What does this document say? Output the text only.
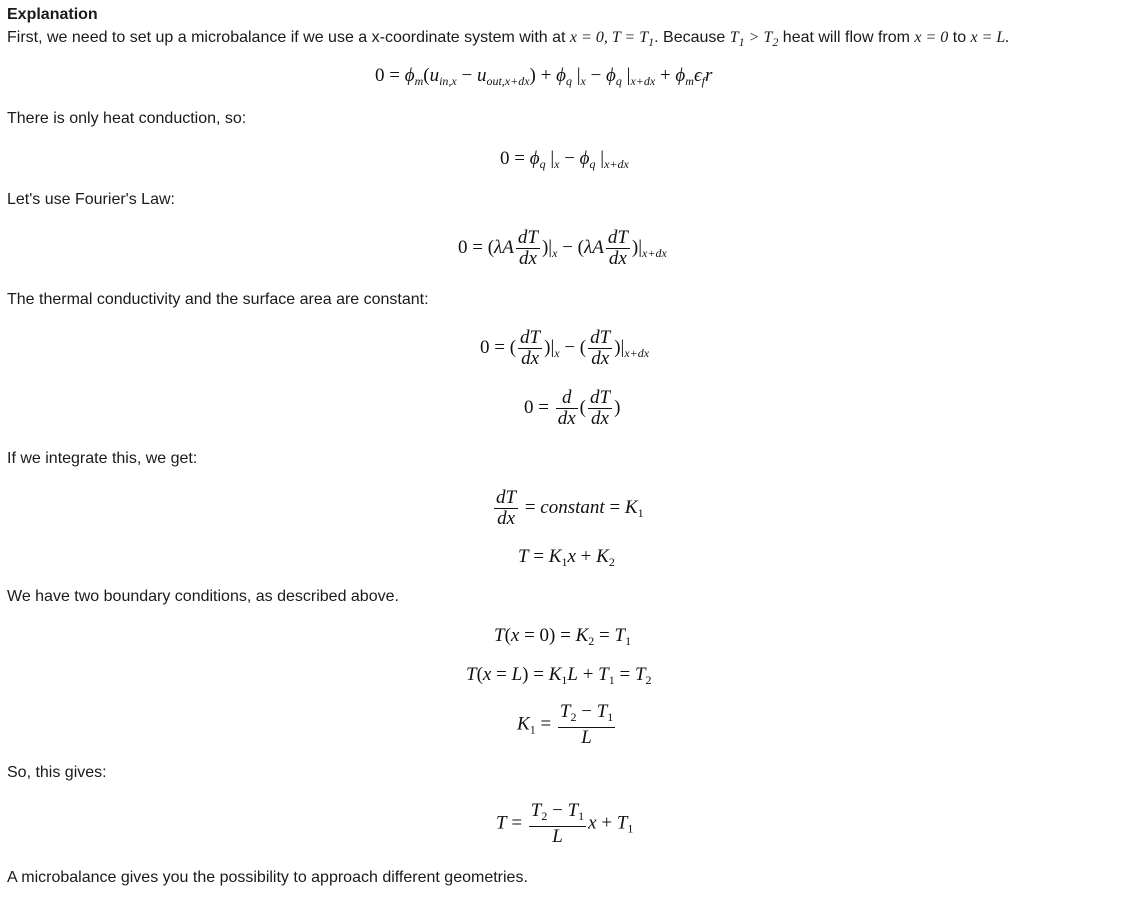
Explanation
First, we need to set up a microbalance if we use a x-coordinate system with at x = 0, $T = T_1$. Because $T_1 > T_2$ heat will flow from x = 0 to x = L.
$0 = \phi_m(u_{in,x} - u_{out,x+dx}) + \phi_q$ $|_x - \phi_q$ $|_{x+dx} + \phi_m\epsilon_fr$
There is only heat conduction, so:
$0 = \phi_q$ $|_x - \phi_q$ $|_{x+dx}$
Let's use Fourier's Law:
$0 = (\lambda A \frac{dT}{dx} )|_x - (\lambda A \frac{dT}{dx} )|_{x+dx}$
The thermal conductivity and the surface area are constant:
0 = ( $\frac{dT}{dx} )|_x$ − ( $\frac{dT}{dx} )|_{x+dx}$
$0 = \frac{d}{dx}$ ( $\frac{dT}{dx}$ )
If we integrate this, we get:
$\frac{dT}{dx}$ = constant = $K_1$
$T = K_1x + K_2$
We have two boundary conditions, as described above.
$T(x = 0) = K_2 = T_1$
$T(x = L) = K_1L + T_1 = T_2$
$K_1 = \frac{T_2 - T_1}{L}$
So, this gives:
$T = \frac{T_2 - T_1}{L}$ $x + T_1$
A microbalance gives you the possibility to approach different geometries.
